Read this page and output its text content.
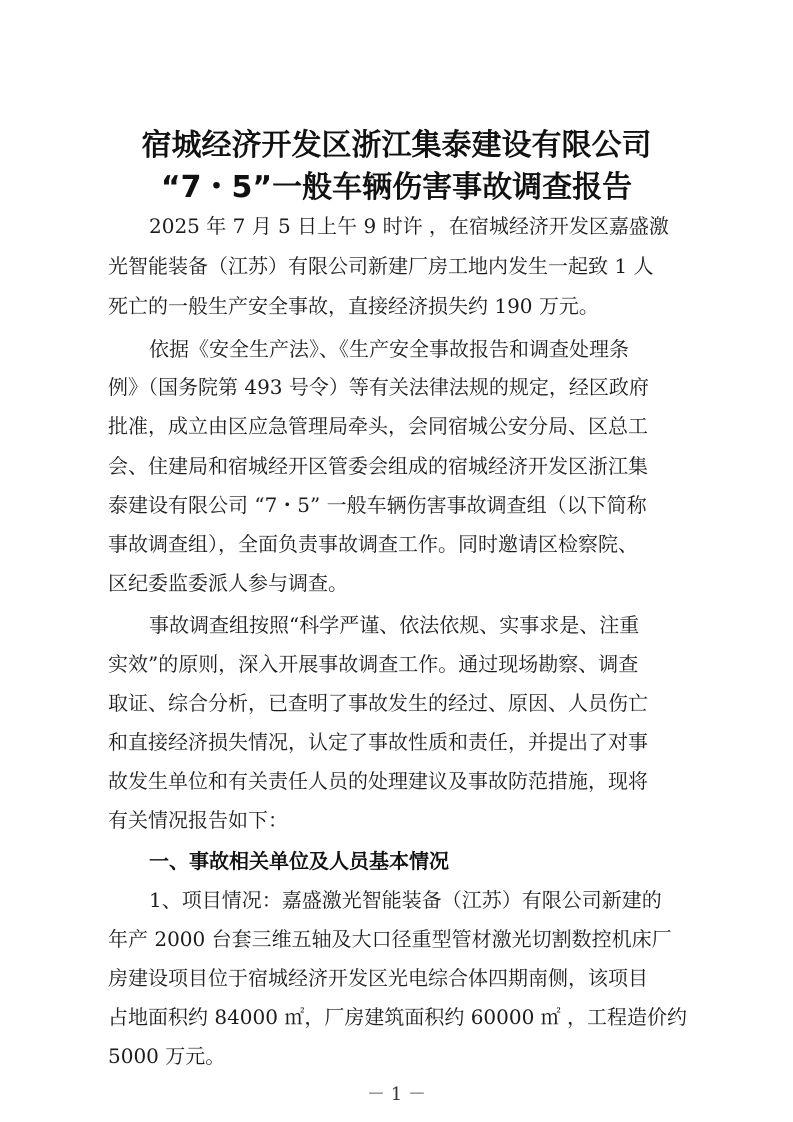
宿城经济开发区浙江集泰建设有限公司
“7・5”一般车辆伤害事故调查报告
2025 年 7 月 5 日上午 9 时许 ，在宿城经济开发区嘉盛激
光智能装备（江苏）有限公司新建厂房工地内发生一起致 1 人
死亡的一般生产安全事故，直接经济损失约 190 万元。
依据《安全生产法》、《生产安全事故报告和调查处理条
例》（国务院第 493 号令）等有关法律法规的规定，经区政府
批准，成立由区应急管理局牵头，会同宿城公安分局、区总工
会、住建局和宿城经开区管委会组成的宿城经济开发区浙江集
泰建设有限公司 “7・5” 一般车辆伤害事故调查组（以下简称
事故调查组），全面负责事故调查工作。同时邀请区检察院、
区纪委监委派人参与调查。
事故调查组按照“科学严谨、依法依规、实事求是、注重
实效”的原则，深入开展事故调查工作。通过现场勘察、调查
取证、综合分析，已查明了事故发生的经过、原因、人员伤亡
和直接经济损失情况，认定了事故性质和责任，并提出了对事
故发生单位和有关责任人员的处理建议及事故防范措施，现将
有关情况报告如下：
一、事故相关单位及人员基本情况
1、项目情况：嘉盛激光智能装备（江苏）有限公司新建的
年产 2000 台套三维五轴及大口径重型管材激光切割数控机床厂
房建设项目位于宿城经济开发区光电综合体四期南侧，该项目
占地面积约 84000 ㎡，厂房建筑面积约 60000 ㎡ ，工程造价约
5000 万元。
－ 1 －
